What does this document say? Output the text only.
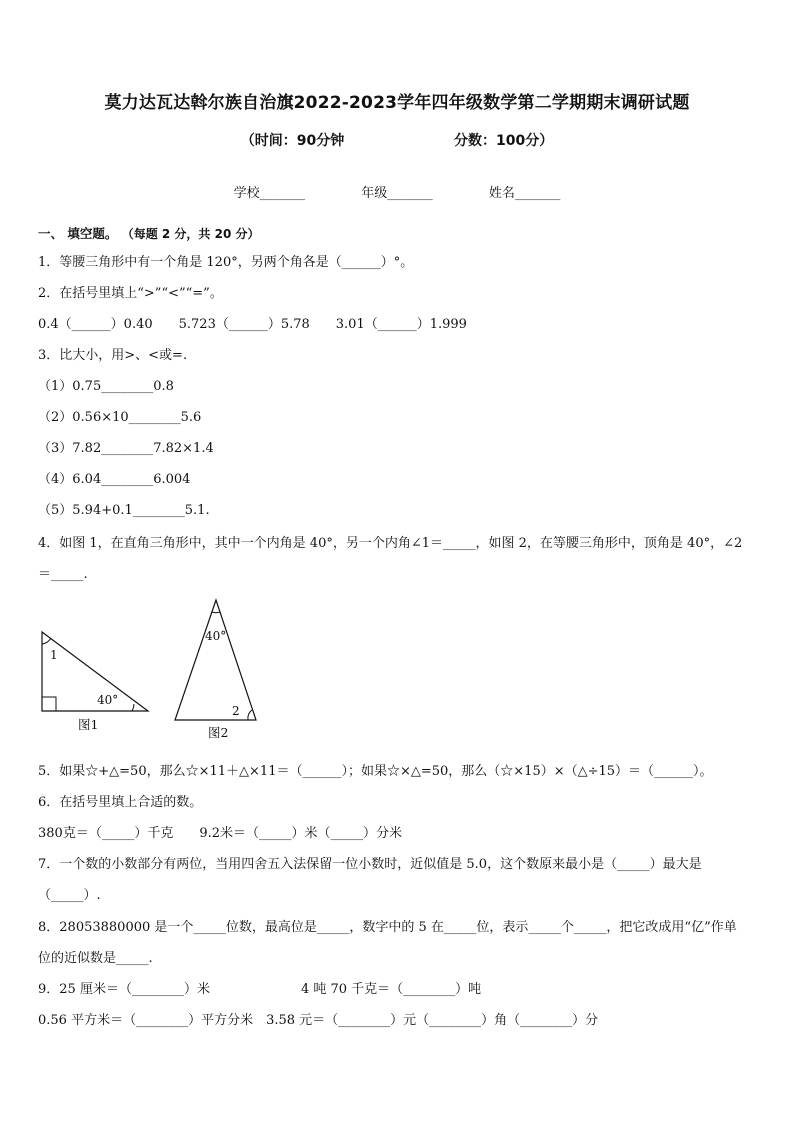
莫力达瓦达斡尔族自治旗2022-2023学年四年级数学第二学期期末调研试题
（时间：90分钟	分数：100分）
学校_______	年级_______	姓名_______
一、 填空题。 （每题 2 分，共 20 分）
1．等腰三角形中有一个角是 120°，另两个角各是（______）°。
2．在括号里填上“>”“<”“=”。
0.4（______）0.40　　5.723（______）5.78　　3.01（______）1.999
3．比大小，用>、<或=.
（1）0.75________0.8
（2）0.56×10________5.6
（3）7.82________7.82×1.4
（4）6.04________6.004
（5）5.94+0.1________5.1.
4．如图 1，在直角三角形中，其中一个内角是 40°，另一个内角∠1＝_____，如图 2，在等腰三角形中，顶角是 40°，∠2
＝_____.
1
40°
图1
40°
2
图2
5．如果☆+△=50，那么☆×11＋△×11＝（______）；如果☆×△=50，那么（☆×15）×（△÷15）＝（______）。
6．在括号里填上合适的数。
380克＝（_____）千克　　9.2米＝（_____）米（_____）分米
7．一个数的小数部分有两位，当用四舍五入法保留一位小数时，近似值是 5.0，这个数原来最小是（_____）最大是
（_____）.
8．28053880000 是一个_____位数，最高位是_____，数字中的 5 在_____位，表示_____个_____，把它改成用“亿”作单
位的近似数是_____.
9．25 厘米＝（________）米　　　　　　　4 吨 70 千克＝（________）吨
0.56 平方米＝（________）平方分米　3.58 元＝（________）元（________）角（________）分
